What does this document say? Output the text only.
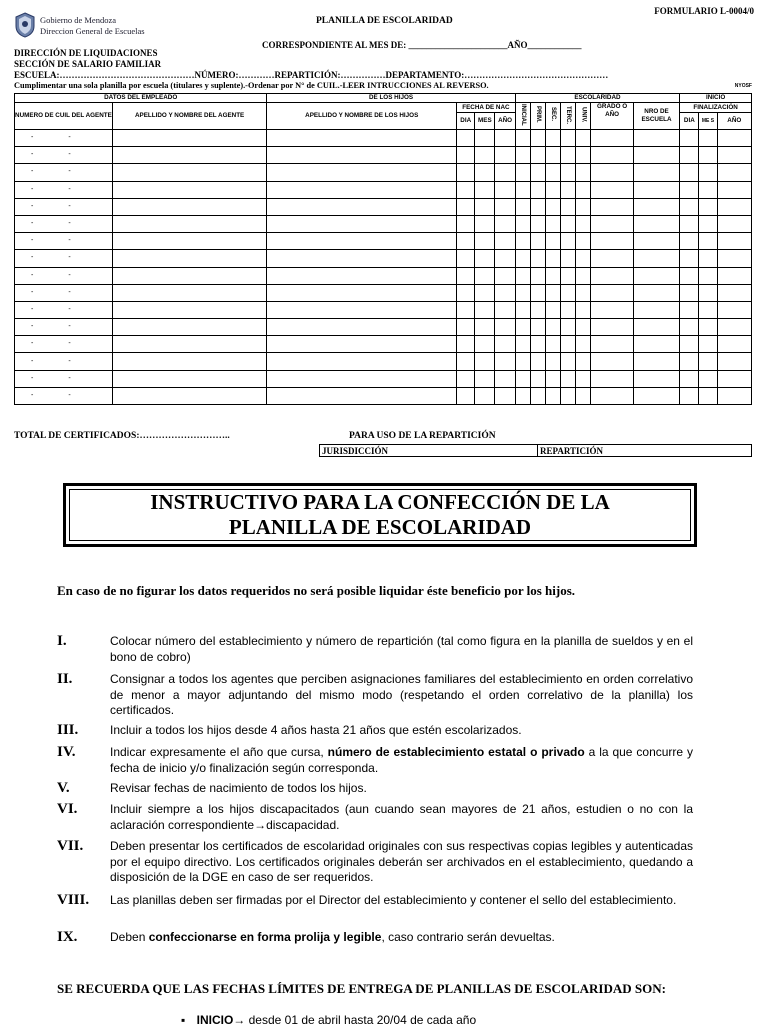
FORMULARIO L-0004/0
Gobierno de Mendoza
Direccion General de Escuelas
PLANILLA DE ESCOLARIDAD
CORRESPONDIENTE AL MES DE: ______________________AÑO____________
DIRECCIÓN DE LIQUIDACIONES
SECCIÓN DE SALARIO FAMILIAR
ESCUELA:………………………………………NÚMERO:…………REPARTICIÓN:……………DEPARTAMENTO:…………………………………………
Cumplimentar una sola planilla por escuela (titulares y suplente).-Ordenar por N° de CUIL.-LEER INTRUCCIONES AL REVERSO.	NYOSF
DATOS DEL EMPLEADO		DE LOS HIJOS				ESCOLARIDAD							INICIO		
NUMERO DE CUIL DEL AGENTE	APELLIDO Y NOMBRE DEL AGENTE	APELLIDO Y NOMBRE DE LOS HIJOS	FECHA DE NAC			INICIAL	PRIM.	SEC.	TERC.	UNIV.	GRADO O AÑO	NRO DE ESCUELA	FINALIZACIÓN		
			DIA	MES	AÑO								DIA	ME S	AÑO
-     -															
-     -															
-     -															
-     -															
-     -															
-     -															
-     -															
-     -															
-     -															
-     -															
-     -															
-     -															
-     -															
-     -															
-     -															
-     -															
TOTAL DE CERTIFICADOS:………………………..	PARA USO DE LA REPARTICIÓN
JURISDICCIÓN	REPARTICIÓN
INSTRUCTIVO PARA LA CONFECCIÓN DE LA
PLANILLA DE ESCOLARIDAD
En caso de no figurar los datos requeridos no será posible liquidar éste beneficio por los hijos.
I.	Colocar número del establecimiento y número de repartición (tal como figura en la planilla de sueldos y en el bono de cobro)
II.	Consignar a todos los agentes que perciben asignaciones familiares del establecimiento en orden correlativo de menor a mayor adjuntando del mismo modo (respetando el orden correlativo de la planilla) los certificados.
III.	Incluir a todos los hijos desde 4 años hasta 21 años que estén escolarizados.
IV.	Indicar expresamente el año que cursa, número de establecimiento estatal o privado a la que concurre y fecha de inicio y/o finalización según corresponda.
V.	Revisar fechas de nacimiento de todos los hijos.
VI.	Incluir siempre a los hijos discapacitados (aun cuando sean mayores de 21 años, estudien o no con la aclaración correspondiente→discapacidad.
VII. Deben presentar los certificados de escolaridad originales con sus respectivas copias legibles y autenticadas por el equipo directivo. Los certificados originales deberán ser archivados en el establecimiento, quedando a disposición de la DGE en caso de ser requeridos.
VIII. Las planillas deben ser firmadas por el Director del establecimiento y contener el sello del establecimiento.
IX.	Deben confeccionarse en forma prolija y legible, caso contrario serán devueltas.
SE RECUERDA QUE LAS FECHAS LÍMITES DE ENTREGA DE PLANILLAS DE ESCOLARIDAD SON:
▪ INICIO→ desde 01 de abril hasta 20/04 de cada año
